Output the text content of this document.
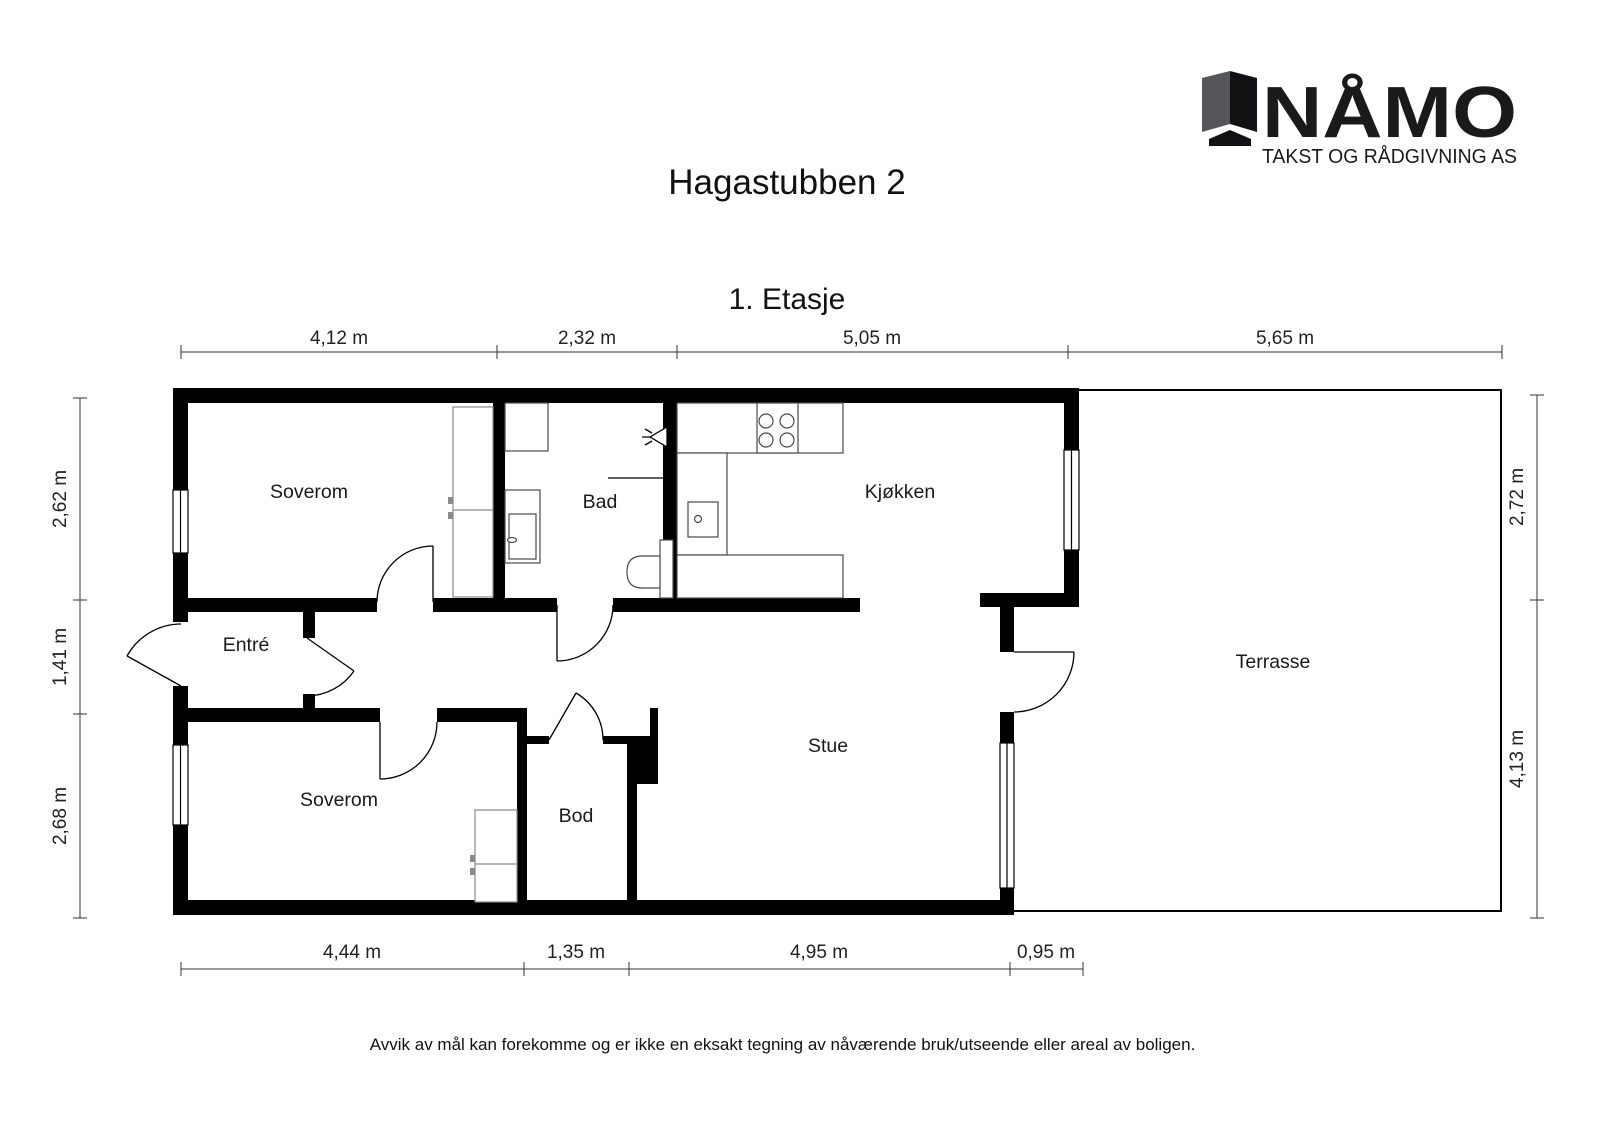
Hagastubben 2
1. Etasje
Avvik av mål kan forekomme og er ikke en eksakt tegning av nåværende bruk/utseende eller areal av boligen.
NÅMO
TAKST OG RÅDGIVNING AS
Soverom	Bad	Kjøkken
Entré
Soverom
Bod
Stue
Terrasse
4,12 m	2,32 m	5,05 m	5,65 m
4,44 m	1,35 m	4,95 m	0,95 m
2,62 m
1,41 m
2,68 m
2,72 m
4,13 m
